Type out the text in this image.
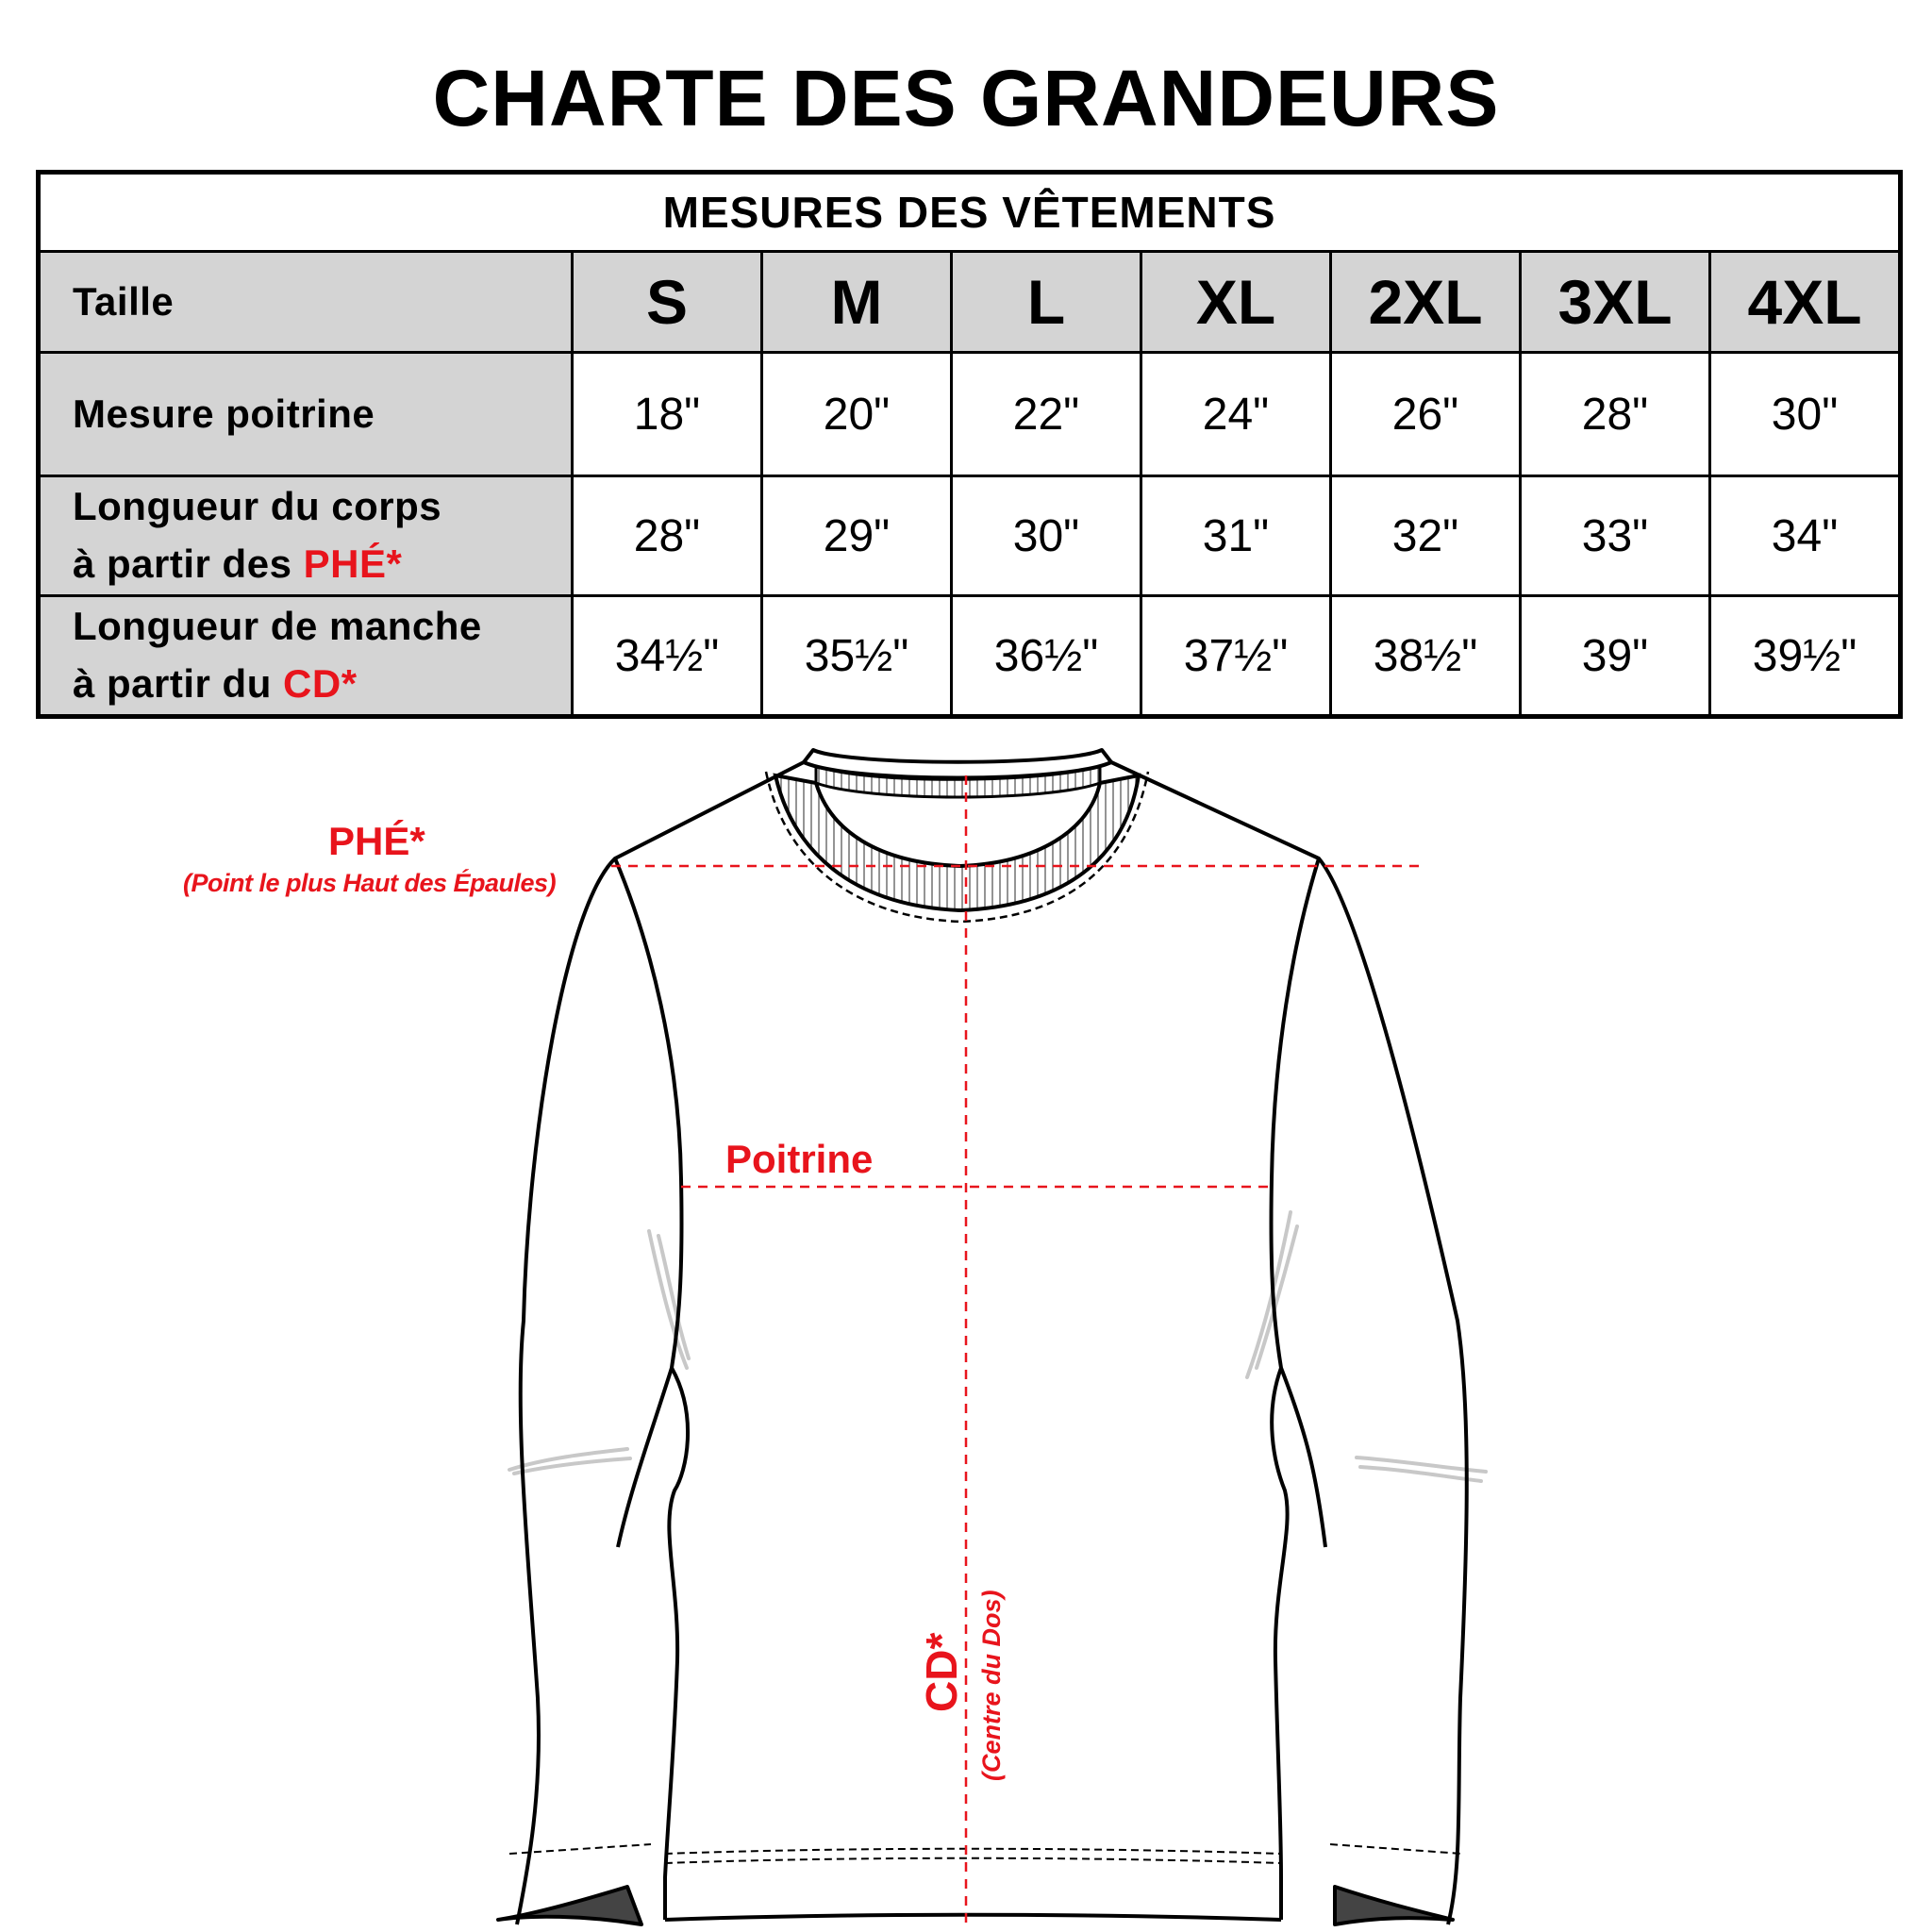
CHARTE DES GRANDEURS
MESURES DES VÊTEMENTS							
Taille	S	M	L	XL	2XL	3XL	4XL
Mesure poitrine	18"	20"	22"	24"	26"	28"	30"
Longueur du corps
à partir des PHÉ*	28"	29"	30"	31"	32"	33"	34"
Longueur de manche
à partir du CD*	34½"	35½"	36½"	37½"	38½"	39"	39½"
PHÉ*
(Point le plus Haut des Épaules)
Poitrine
CD* (Centre du Dos)
